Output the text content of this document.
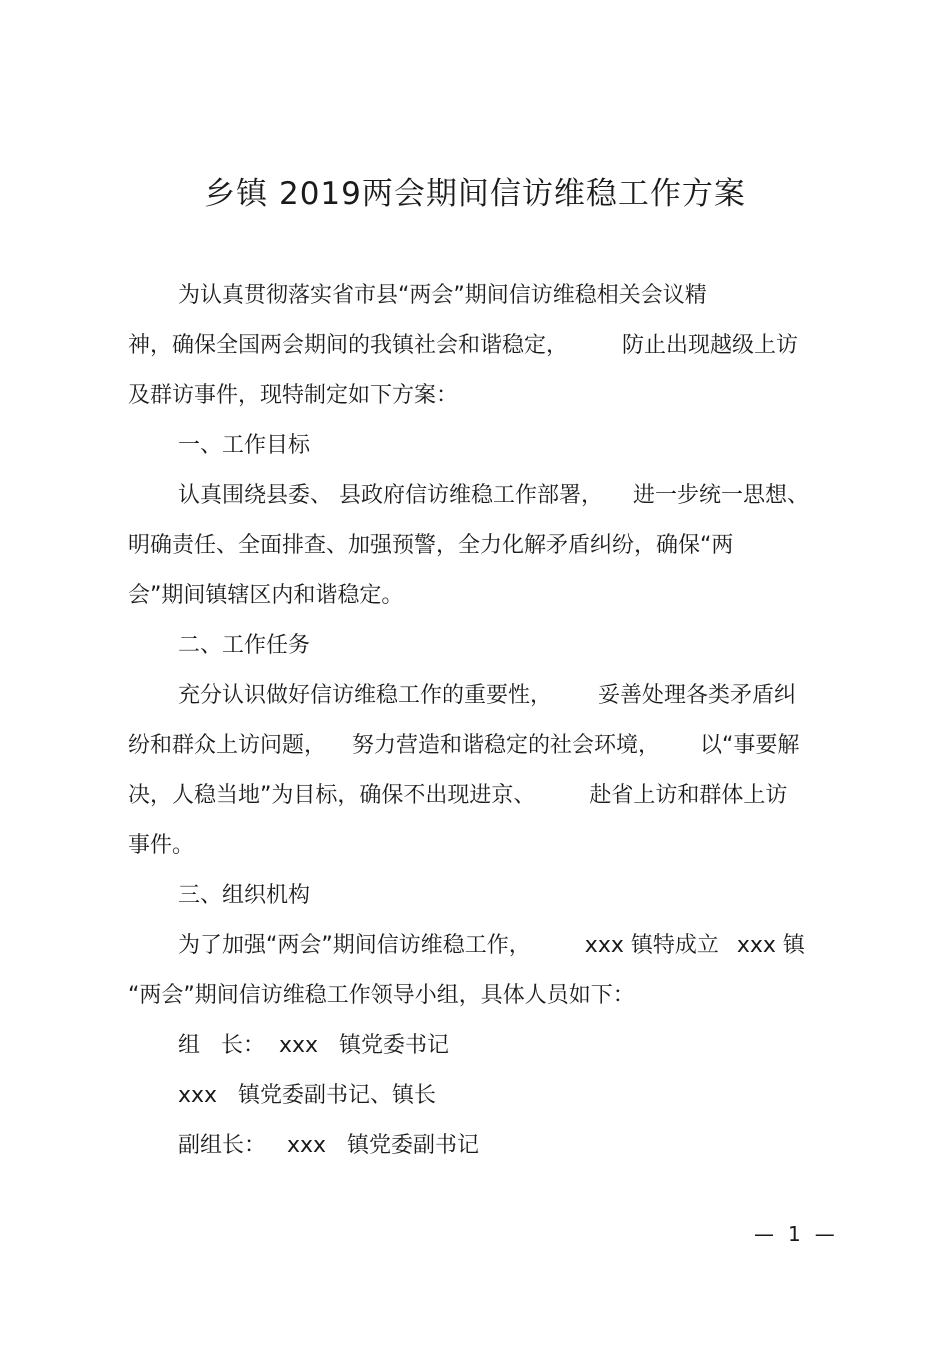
乡镇 2019两会期间信访维稳工作方案
为认真贯彻落实省市县“两会”期间信访维稳相关会议精
神，确保全国两会期间的我镇社会和谐稳定， 防止出现越级上访
及群访事件，现特制定如下方案：
一、工作目标
认真围绕县委、 县政府信访维稳工作部署， 进一步统一思想、
明确责任、全面排查、加强预警，全力化解矛盾纠纷，确保“两
会”期间镇辖区内和谐稳定。
二、工作任务
充分认识做好信访维稳工作的重要性， 妥善处理各类矛盾纠
纷和群众上访问题， 努力营造和谐稳定的社会环境， 以“事要解
决，人稳当地”为目标，确保不出现进京、 赴省上访和群体上访
事件。
三、组织机构
为了加强“两会”期间信访维稳工作， xxx 镇特成立 xxx 镇
“两会”期间信访维稳工作领导小组，具体人员如下：
组   长：  xxx   镇党委书记
xxx   镇党委副书记、镇长
副组长：   xxx   镇党委副书记
— 1 —
